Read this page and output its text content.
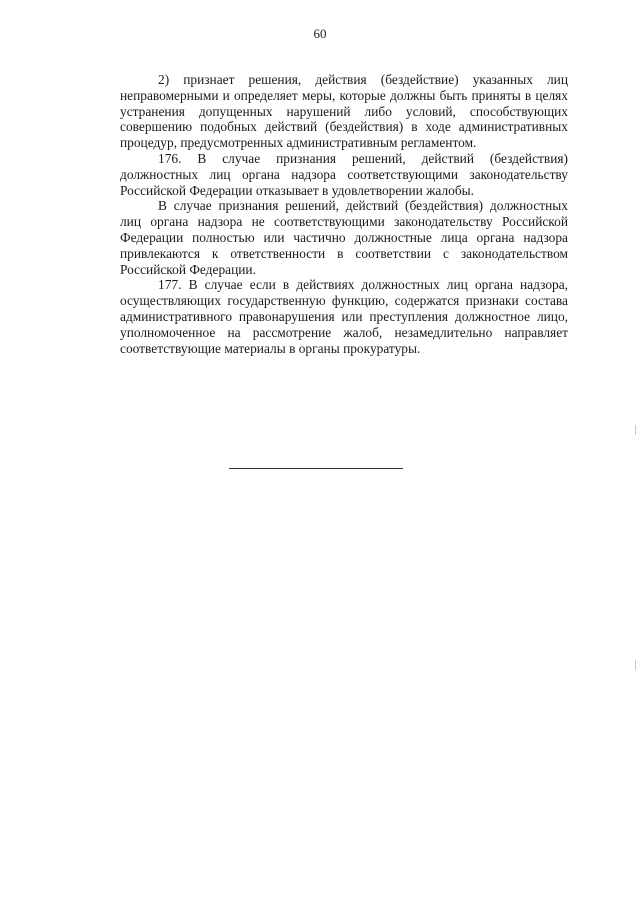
60

2) признает решения, действия (бездействие) указанных лиц неправомерными и определяет меры, которые должны быть приняты в целях устранения допущенных нарушений либо условий, способствующих совершению подобных действий (бездействия) в ходе административных процедур, предусмотренных административным регламентом.

176. В случае признания решений, действий (бездействия) должностных лиц органа надзора соответствующими законодательству Российской Федерации отказывает в удовлетворении жалобы.

В случае признания решений, действий (бездействия) должностных лиц органа надзора не соответствующими законодательству Российской Федерации полностью или частично должностные лица органа надзора привлекаются к ответственности в соответствии с законодательством Российской Федерации.

177. В случае если в действиях должностных лиц органа надзора, осуществляющих государственную функцию, содержатся признаки состава административного правонарушения или преступления должностное лицо, уполномоченное на рассмотрение жалоб, незамедлительно направляет соответствующие материалы в органы прокуратуры.
